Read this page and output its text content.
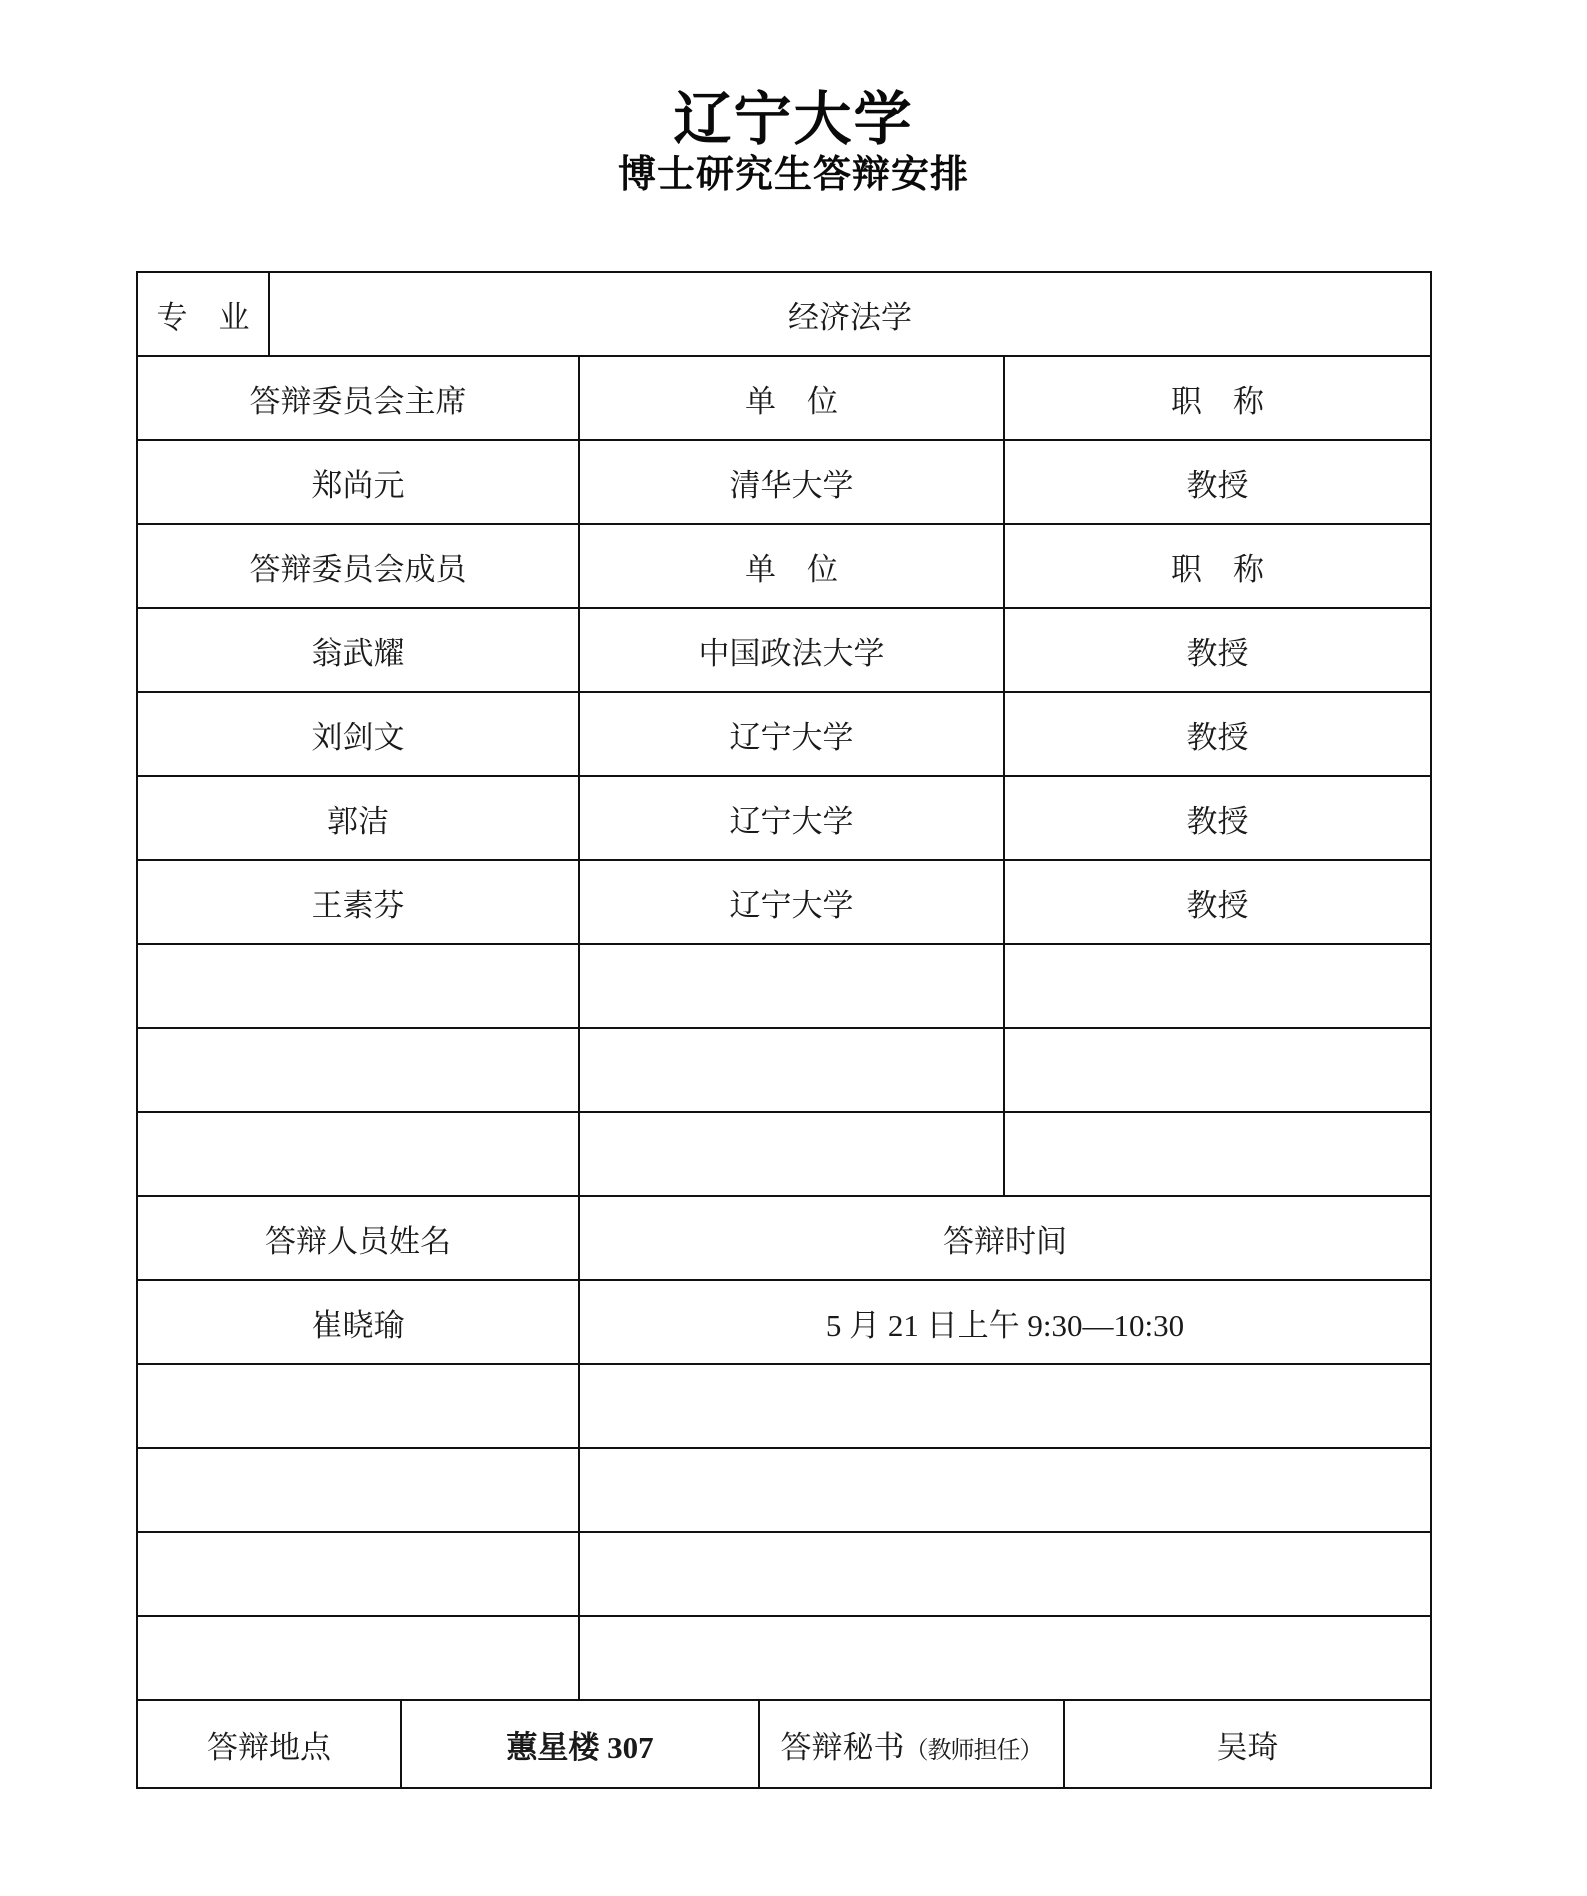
辽宁大学
博士研究生答辩安排
专　业	经济法学					
答辩委员会主席			单　位		职　称	
郑尚元			清华大学		教授	
答辩委员会成员			单　位		职　称	
翁武耀			中国政法大学		教授	
刘剑文			辽宁大学		教授	
郭洁			辽宁大学		教授	
王素芬			辽宁大学		教授	

答辩人员姓名			答辩时间			
崔晓瑜			5 月 21 日上午 9:30—10:30			

答辩地点		蕙星楼 307		答辩秘书（教师担任）		吴琦
